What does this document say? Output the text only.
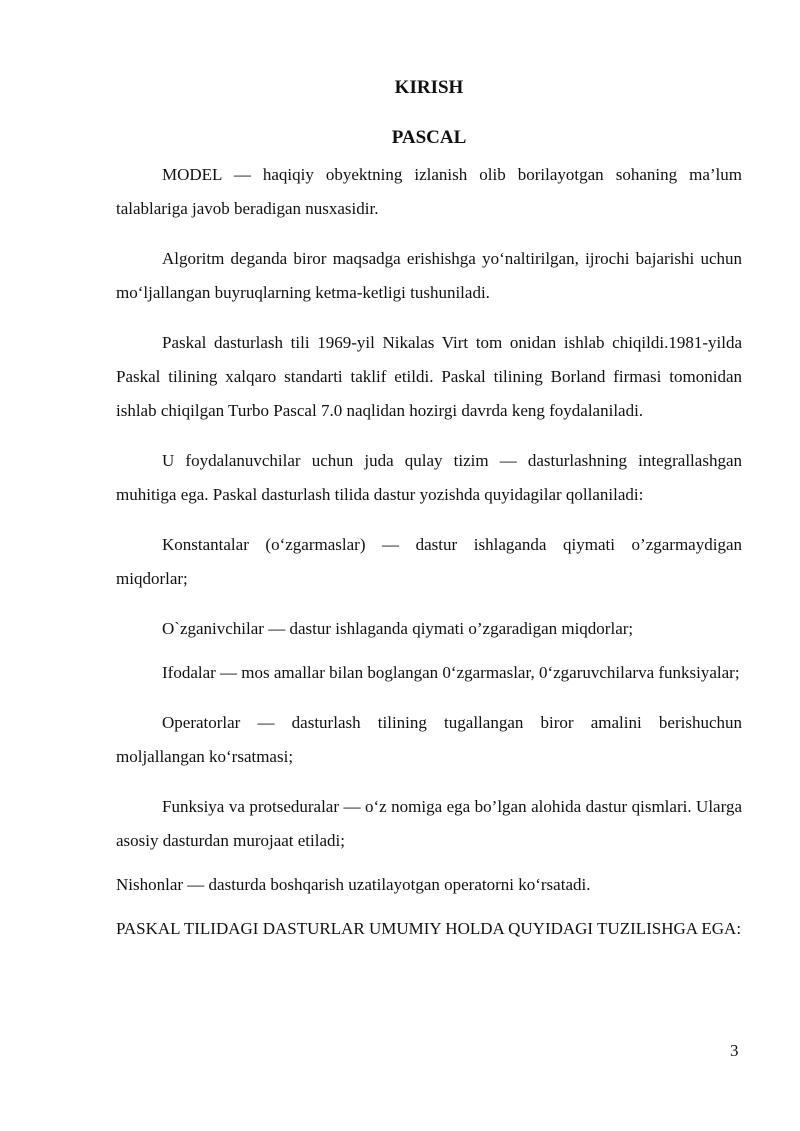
KIRISH
PASCAL

MODEL — haqiqiy obyektning izlanish olib borilayotgan sohaning ma’lum talablariga javob beradigan nusxasidir.

Algoritm deganda biror maqsadga erishishga yo‘naltirilgan, ijrochi bajarishi uchun mo‘ljallangan buyruqlarning ketma-ketligi tushuniladi.

Paskal dasturlash tili 1969-yil Nikalas Virt tom onidan ishlab chiqildi.1981-yilda Paskal tilining xalqaro standarti taklif etildi. Paskal tilining Borland firmasi tomonidan ishlab chiqilgan Turbo Pascal 7.0 naqlidan hozirgi davrda keng foydalaniladi.

U foydalanuvchilar uchun juda qulay tizim — dasturlashning integrallashgan muhitiga ega. Paskal dasturlash tilida dastur yozishda quyidagilar qollaniladi:

Konstantalar (o‘zgarmaslar) — dastur ishlaganda qiymati o’zgarmaydigan miqdorlar;

O`zganivchilar — dastur ishlaganda qiymati o’zgaradigan miqdorlar;

Ifodalar — mos amallar bilan boglangan 0‘zgarmaslar, 0‘zgaruvchilarva funksiyalar;

Operatorlar — dasturlash tilining tugallangan biror amalini berishuchun moljallangan ko‘rsatmasi;

Funksiya va protseduralar — o‘z nomiga ega bo’lgan alohida dastur qismlari. Ularga asosiy dasturdan murojaat etiladi;

Nishonlar — dasturda boshqarish uzatilayotgan operatorni ko‘rsatadi.

PASKAL TILIDAGI DASTURLAR UMUMIY HOLDA QUYIDAGI TUZILISHGA EGA:

3
